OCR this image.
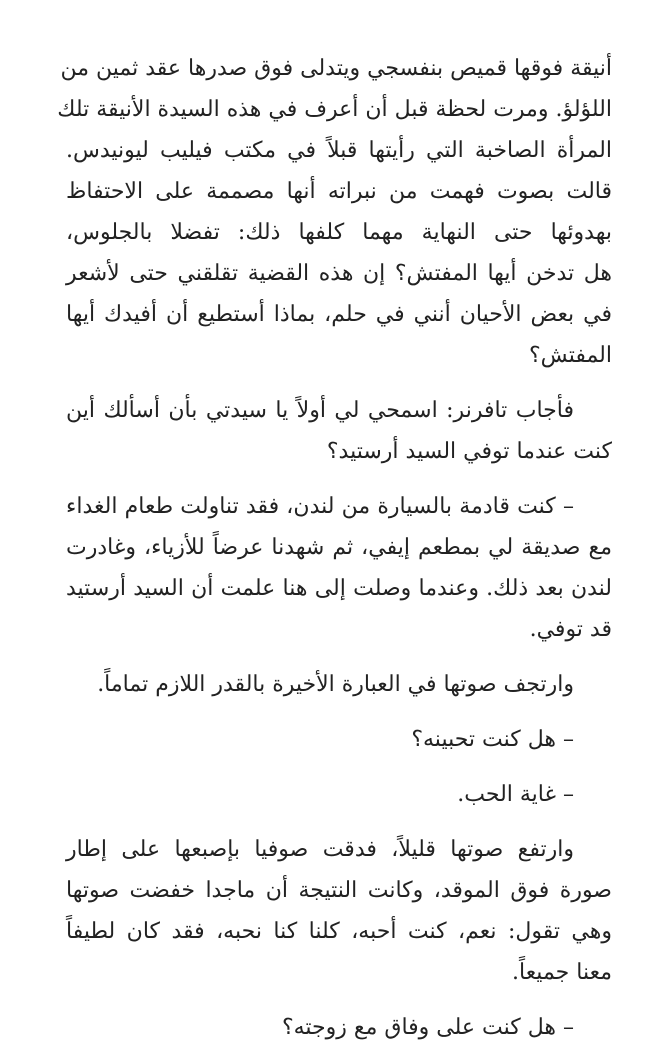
أنيقة فوقها قميص بنفسجي ويتدلى فوق صدرها عقد ثمين من
اللؤلؤ. ومرت لحظة قبل أن أعرف في هذه السيدة الأنيقة تلك
المرأة الصاخبة التي رأيتها قبلاً في مكتب فيليب ليونيدس.
قالت بصوت فهمت من نبراته أنها مصممة على الاحتفاظ
بهدوئها حتى النهاية مهما كلفها ذلك: تفضلا بالجلوس،
هل تدخن أيها المفتش؟ إن هذه القضية تقلقني حتى لأشعر
في بعض الأحيان أنني في حلم، بماذا أستطيع أن أفيدك أيها
المفتش؟
فأجاب تافرنر: اسمحي لي أولاً يا سيدتي بأن أسألك أين
كنت عندما توفي السيد أرستيد؟
– كنت قادمة بالسيارة من لندن، فقد تناولت طعام الغداء
مع صديقة لي بمطعم إيفي، ثم شهدنا عرضاً للأزياء، وغادرت
لندن بعد ذلك. وعندما وصلت إلى هنا علمت أن السيد أرستيد
قد توفي.
وارتجف صوتها في العبارة الأخيرة بالقدر اللازم تماماً.
– هل كنت تحبينه؟
– غاية الحب.
وارتفع صوتها قليلاً، فدقت صوفيا بإصبعها على إطار
صورة فوق الموقد، وكانت النتيجة أن ماجدا خفضت صوتها
وهي تقول: نعم، كنت أحبه، كلنا كنا نحبه، فقد كان لطيفاً
معنا جميعاً.
– هل كنت على وفاق مع زوجته؟
